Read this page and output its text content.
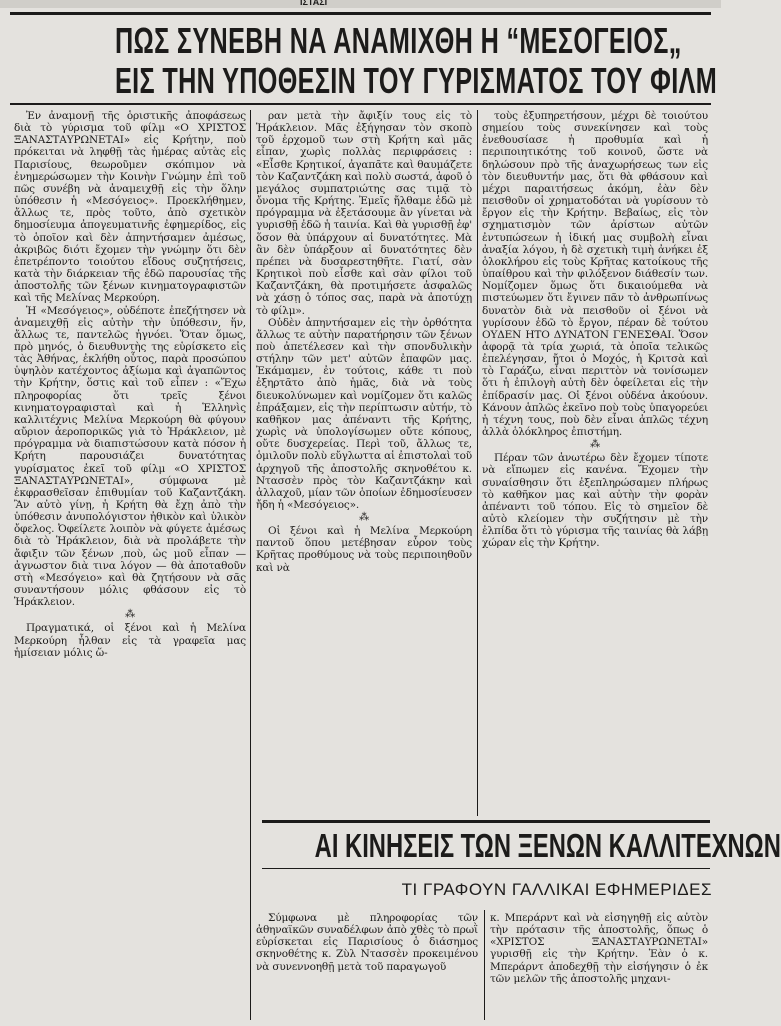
ΙΣΤΑΣΙ
ΠΩΣ ΣΥΝΕΒΗ ΝΑ ΑΝΑΜΙΧΘΗ Η “ΜΕΣΟΓΕΙΟΣ„
ΕΙΣ ΤΗΝ ΥΠΟΘΕΣΙΝ ΤΟΥ ΓΥΡΙΣΜΑΤΟΣ ΤΟΥ ΦΙΛΜ

Ἐν ἀναμονῇ τῆς ὁριστικῆς ἀποφάσεως διὰ τὸ γύρισμα τοῦ φίλμ «Ο ΧΡΙΣΤΟΣ ΞΑΝΑΣΤΑΥΡΩΝΕΤΑΙ» εἰς Κρήτην, ποὺ πρόκειται νὰ ληφθῇ τὰς ἡμέρας αὐτὰς εἰς Παρισίους, θεωροῦμεν σκόπιμον νὰ ἐνημερώσωμεν τὴν Κοινὴν Γνώμην ἐπὶ τοῦ πῶς συνέβη νὰ ἀναμειχθῇ εἰς τὴν ὅλην ὑπόθεσιν ἡ «Μεσόγειος». Προεκλήθημεν, ἄλλως τε, πρὸς τοῦτο, ἀπὸ σχετικὸν δημοσίευμα ἀπογευματινῆς ἐφημερίδος, εἰς τὸ ὁποῖον καὶ δὲν ἀπηντήσαμεν ἀμέσως, ἀκριβῶς διότι ἔχομεν τὴν γνώμην ὅτι δὲν ἐπετρέποντο τοιούτου εἴδους συζητήσεις, κατὰ τὴν διάρκειαν τῆς ἐδῶ παρουσίας τῆς ἀποστολῆς τῶν ξένων κινηματογραφιστῶν καὶ τῆς Μελίνας Μερκούρη.

Ἡ «Μεσόγειος», οὐδέποτε ἐπεζήτησεν νὰ ἀναμειχθῇ εἰς αὐτὴν τὴν ὑπόθεσιν, ἥν, ἄλλως τε, παντελῶς ἠγνόει. Ὅταν ὅμως, πρὸ μηνός, ὁ διευθυντὴς της εὑρίσκετο εἰς τὰς Ἀθήνας, ἐκλήθη οὗτος, παρὰ προσώπου ὑψηλὸν κατέχοντος ἀξίωμα καὶ ἀγαπῶντος τὴν Κρήτην, ὅστις καὶ τοῦ εἶπεν : «Ἔχω πληροφορίας ὅτι τρεῖς ξένοι κινηματογραφισταὶ καὶ ἡ Ἑλληνὶς καλλιτέχνις Μελίνα Μερκούρη θὰ φύγουν αὔριον ἀεροπορικῶς γιὰ τὸ Ἡράκλειον, μὲ πρόγραμμα νὰ διαπιστώσουν κατὰ πόσον ἡ Κρήτη παρουσιάζει δυνατότητας γυρίσματος ἐκεῖ τοῦ φίλμ «Ο ΧΡΙΣΤΟΣ ΞΑΝΑΣΤΑΥΡΩΝΕΤΑΙ», σύμφωνα μὲ ἐκφρασθεῖσαν ἐπιθυμίαν τοῦ Καζαντζάκη. Ἂν αὐτὸ γίνῃ, ἡ Κρήτη θὰ ἔχῃ ἀπὸ τὴν ὑπόθεσιν ἀνυπολόγιστον ἠθικὸν καὶ ὑλικὸν ὄφελος. Ὀφείλετε λοιπὸν νὰ φύγετε ἀμέσως διὰ τὸ Ἡράκλειον, διὰ νὰ προλάβετε τὴν ἄφιξιν τῶν ξένων ,ποὺ, ὡς μοῦ εἶπαν — ἀγνωστον διὰ τινα λόγον — θὰ ἀποταθοῦν στὴ «Μεσόγειο» καὶ θὰ ζητήσουν νὰ σᾶς συναντήσουν μόλις φθάσουν εἰς τὸ Ἡράκλειον.

⁂

Πραγματικά, οἱ ξένοι καὶ ἡ Μελίνα Μερκούρη ἦλθαν εἰς τὰ γραφεῖα μας ἡμίσειαν μόλις ὥ-

ραν μετὰ τὴν ἄφιξίν τους εἰς τὸ Ἡράκλειον. Μᾶς ἐξήγησαν τὸν σκοπὸ τοῦ ἐρχομοῦ των στὴ Κρήτη καὶ μᾶς εἶπαν, χωρὶς πολλὰς περιφράσεις : «Εἶσθε Κρητικοί, ἀγαπᾶτε καὶ θαυμάζετε τὸν Καζαντζάκη καὶ πολὺ σωστά, ἀφοῦ ὁ μεγάλος συμπατριώτης σας τιμᾷ τὸ ὄνομα τῆς Κρήτης. Ἐμεῖς ἤλθαμε ἐδῶ μὲ πρόγραμμα νὰ ἐξετάσουμε ἂν γίνεται νὰ γυρισθῇ ἐδῶ ἡ ταινία. Καὶ θὰ γυρισθῇ ἐφ' ὅσον θὰ ὑπάρχουν αἱ δυνατότητες. Μὰ ἂν δὲν ὑπάρξουν αἱ δυνατότητες δὲν πρέπει νὰ δυσαρεστηθῆτε. Γιατί, σὰν Κρητικοὶ ποὺ εἶσθε καὶ σὰν φίλοι τοῦ Καζαντζάκη, θὰ προτιμήσετε ἀσφαλῶς νὰ χάσῃ ὁ τόπος σας, παρὰ νὰ ἀποτύχῃ τὸ φίλμ».

Οὐδὲν ἀπηντήσαμεν εἰς τὴν ὀρθότητα ἄλλως τε αὐτὴν παρατήρησιν τῶν ξένων ποὺ ἀπετέλεσεν καὶ τὴν σπονδυλικὴν στήλην τῶν μετ' αὐτῶν ἐπαφῶν μας. Ἐκάμαμεν, ἐν τούτοις, κάθε τι ποὺ ἐξηρτᾶτο ἀπὸ ἡμᾶς, διὰ νὰ τοὺς διευκολύνωμεν καὶ νομίζομεν ὅτι καλῶς ἐπράξαμεν, εἰς τὴν περίπτωσιν αὐτήν, τὸ καθῆκον μας ἀπέναντι τῆς Κρήτης, χωρὶς νὰ ὑπολογίσωμεν οὔτε κόπους, οὔτε δυσχερείας. Περὶ τοῦ, ἄλλως τε, ὁμιλοῦν πολὺ εὔγλωττα αἱ ἐπιστολαὶ τοῦ ἀρχηγοῦ τῆς ἀποστολῆς σκηνοθέτου κ. Ντασσὲν πρὸς τὸν Καζαντζάκην καὶ ἀλλαχοῦ, μίαν τῶν ὁποίων ἐδημοσίευσεν ἤδη ἡ «Μεσόγειος».

⁂

Οἱ ξένοι καὶ ἡ Μελίνα Μερκούρη παντοῦ ὅπου μετέβησαν εὗρον τοὺς Κρῆτας προθύμους νὰ τοὺς περιποιηθοῦν καὶ νὰ

τοὺς ἐξυπηρετήσουν, μέχρι δὲ τοιούτου σημείου τοὺς συνεκίνησεν καὶ τοὺς ἐνεθουσίασε ἡ προθυμία καὶ ἡ περιποιητικότης τοῦ κοινοῦ, ὥστε νὰ δηλώσουν πρὸ τῆς ἀναχωρήσεως των εἰς τὸν διευθυντήν μας, ὅτι θὰ φθάσουν καὶ μέχρι παραιτήσεως ἀκόμη, ἐὰν δὲν πεισθοῦν οἱ χρηματοδόται νὰ γυρίσουν τὸ ἔργον εἰς τὴν Κρήτην. Βεβαίως, εἰς τὸν σχηματισμὸν τῶν ἀρίστων αὐτῶν ἐντυπώσεων ἡ ἰδική μας συμβολὴ εἶναι ἀναξία λόγου, ἡ δὲ σχετικὴ τιμὴ ἀνήκει ἐξ ὁλοκλήρου εἰς τοὺς Κρῆτας κατοίκους τῆς ὑπαίθρου καὶ τὴν φιλόξενον διάθεσίν των. Νομίζομεν ὅμως ὅτι δικαιούμεθα νὰ πιστεύωμεν ὅτι ἔγινεν πᾶν τὸ ἀνθρωπίνως δυνατὸν διὰ νὰ πεισθοῦν οἱ ξένοι νὰ γυρίσουν ἐδῶ τὸ ἔργον, πέραν δὲ τούτου ΟΥΔΕΝ ΗΤΟ ΔΥΝΑΤΟΝ ΓΕΝΕΣΘΑΙ. Ὅσον ἀφορᾷ τὰ τρία χωριά, τὰ ὁποῖα τελικῶς ἐπελέγησαν, ἤτοι ὁ Μοχός, ἡ Κριτσὰ καὶ τὸ Γαράζω, εἶναι περιττὸν νὰ τονίσωμεν ὅτι ἡ ἐπιλογὴ αὐτὴ δὲν ὀφείλεται εἰς τὴν ἐπίδρασίν μας. Οἱ ξένοι οὐδένα ἀκούουν. Κάνουν ἁπλῶς ἐκεῖνο ποὺ τοὺς ὑπαγορεύει ἡ τέχνη τους, ποὺ δὲν εἶναι ἁπλῶς τέχνη ἀλλὰ ὁλόκληρος ἐπιστήμη.

⁂

Πέραν τῶν ἀνωτέρω δὲν ἔχομεν τίποτε νὰ εἴπωμεν εἰς κανένα. Ἔχομεν τὴν συναίσθησιν ὅτι ἐξεπληρώσαμεν πλήρως τὸ καθῆκον μας καὶ αὐτὴν τὴν φορὰν ἀπέναντι τοῦ τόπου. Εἰς τὸ σημεῖον δὲ αὐτὸ κλείομεν τὴν συζήτησιν μὲ τὴν ἐλπίδα ὅτι τὸ γύρισμα τῆς ταινίας θὰ λάβῃ χώραν εἰς τὴν Κρήτην.

ΑΙ ΚΙΝΗΣΕΙΣ ΤΩΝ ΞΕΝΩΝ ΚΑΛΛΙΤΕΧΝΩΝ
ΤΙ ΓΡΑΦΟΥΝ ΓΑΛΛΙΚΑΙ ΕΦΗΜΕΡΙΔΕΣ

Σύμφωνα μὲ πληροφορίας τῶν ἀθηναϊκῶν συναδέλφων ἀπὸ χθὲς τὸ πρωῒ εὑρίσκεται εἰς Παρισίους ὁ διάσημος σκηνοθέτης κ. Ζὺλ Ντασσὲν προκειμένου νὰ συνεννοηθῇ μετὰ τοῦ παραγωγοῦ

κ. Μπεράρντ καὶ νὰ εἰσηγηθῇ εἰς αὐτὸν τὴν πρότασιν τῆς ἀποστολῆς, ὅπως ὁ «ΧΡΙΣΤΟΣ ΞΑΝΑΣΤΑΥΡΩΝΕΤΑΙ» γυρισθῇ εἰς τὴν Κρήτην. Ἐὰν ὁ κ. Μπεράρντ ἀποδεχθῇ τὴν εἰσήγησιν ὁ ἐκ τῶν μελῶν τῆς ἀποστολῆς μηχανι-
